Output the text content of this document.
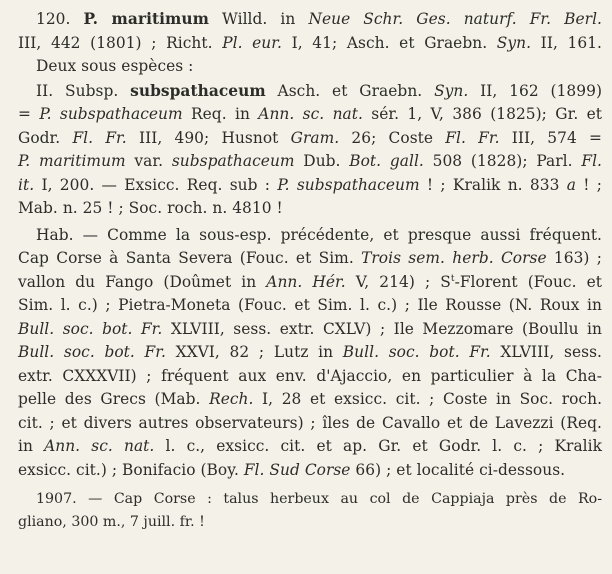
120. P. maritimum Willd. in Neue Schr. Ges. naturf. Fr. Berl.
III, 442 (1801) ; Richt. Pl. eur. I, 41; Asch. et Graebn. Syn. II, 161.
Deux sous espèces :
II. Subsp. subspathaceum Asch. et Graebn. Syn. II, 162 (1899)
= P. subspathaceum Req. in Ann. sc. nat. sér. 1, V, 386 (1825); Gr. et
Godr. Fl. Fr. III, 490; Husnot Gram. 26; Coste Fl. Fr. III, 574 =
P. maritimum var. subspathaceum Dub. Bot. gall. 508 (1828); Parl. Fl.
it. I, 200. — Exsicc. Req. sub : P. subspathaceum ! ; Kralik n. 833 a ! ;
Mab. n. 25 ! ; Soc. roch. n. 4810 !
Hab. — Comme la sous-esp. précédente, et presque aussi fréquent.
Cap Corse à Santa Severa (Fouc. et Sim. Trois sem. herb. Corse 163) ;
vallon du Fango (Doûmet in Ann. Hér. V, 214) ; $S^t$-Florent (Fouc. et
Sim. l. c.) ; Pietra-Moneta (Fouc. et Sim. l. c.) ; Ile Rousse (N. Roux in
Bull. soc. bot. Fr. XLVIII, sess. extr. CXLV) ; Ile Mezzomare (Boullu in
Bull. soc. bot. Fr. XXVI, 82 ; Lutz in Bull. soc. bot. Fr. XLVIII, sess.
extr. CXXXVII) ; fréquent aux env. d'Ajaccio, en particulier à la Cha-
pelle des Grecs (Mab. Rech. I, 28 et exsicc. cit. ; Coste in Soc. roch.
cit. ; et divers autres observateurs) ; îles de Cavallo et de Lavezzi (Req.
in Ann. sc. nat. l. c., exsicc. cit. et ap. Gr. et Godr. l. c. ; Kralik
exsicc. cit.) ; Bonifacio (Boy. Fl. Sud Corse 66) ; et localité ci-dessous.
1907. — Cap Corse : talus herbeux au col de Cappiaja près de Ro-
gliano, 300 m., 7 juill. fr. !
